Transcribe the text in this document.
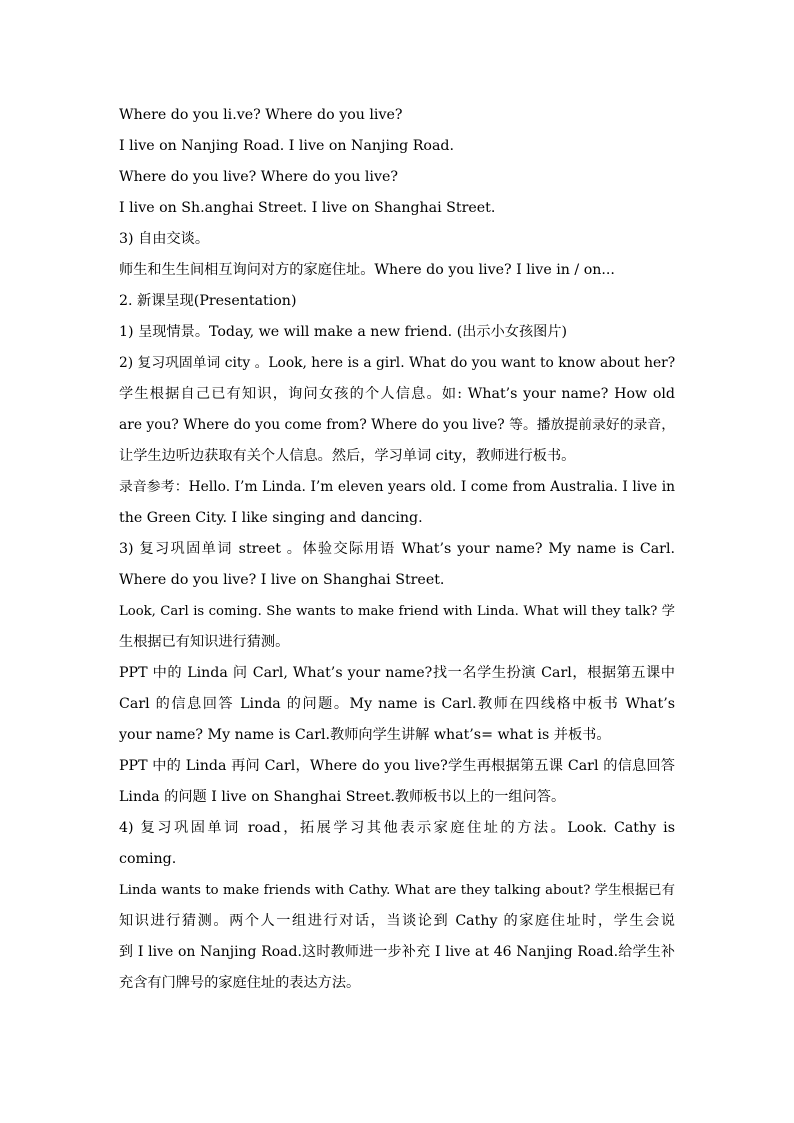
Where do you li.ve? Where do you live?
I live on Nanjing Road. I live on Nanjing Road.
Where do you live? Where do you live?
I live on Sh.anghai Street. I live on Shanghai Street.
3) 自由交谈。
师生和生生间相互询问对方的家庭住址。Where do you live? I live in / on...
2. 新课呈现(Presentation)
1) 呈现情景。Today, we will make a new friend. (出示小女孩图片)
2) 复习巩固单词 city 。Look, here is a girl. What do you want to know about her?
学生根据自己已有知识，询问女孩的个人信息。如: What’s your name? How old
are you? Where do you come from? Where do you live? 等。播放提前录好的录音，
让学生边听边获取有关个人信息。然后，学习单词 city，教师进行板书。
录音参考：Hello. I’m Linda. I’m eleven years old. I come from Australia. I live in
the Green City. I like singing and dancing.
3) 复习巩固单词 street 。体验交际用语 What’s your name? My name is Carl.
Where do you live? I live on Shanghai Street.
Look, Carl is coming. She wants to make friend with Linda. What will they talk? 学
生根据已有知识进行猜测。
PPT 中的 Linda 问 Carl, What’s your name?找一名学生扮演 Carl，根据第五课中
Carl 的信息回答 Linda 的问题。My name is Carl.教师在四线格中板书 What’s
your name? My name is Carl.教师向学生讲解 what’s= what is 并板书。
PPT 中的 Linda 再问 Carl，Where do you live?学生再根据第五课 Carl 的信息回答
Linda 的问题 I live on Shanghai Street.教师板书以上的一组问答。
4) 复习巩固单词 road，拓展学习其他表示家庭住址的方法。Look. Cathy is
coming.
Linda wants to make friends with Cathy. What are they talking about? 学生根据已有
知识进行猜测。两个人一组进行对话，当谈论到 Cathy 的家庭住址时，学生会说
到 I live on Nanjing Road.这时教师进一步补充 I live at 46 Nanjing Road.给学生补
充含有门牌号的家庭住址的表达方法。
